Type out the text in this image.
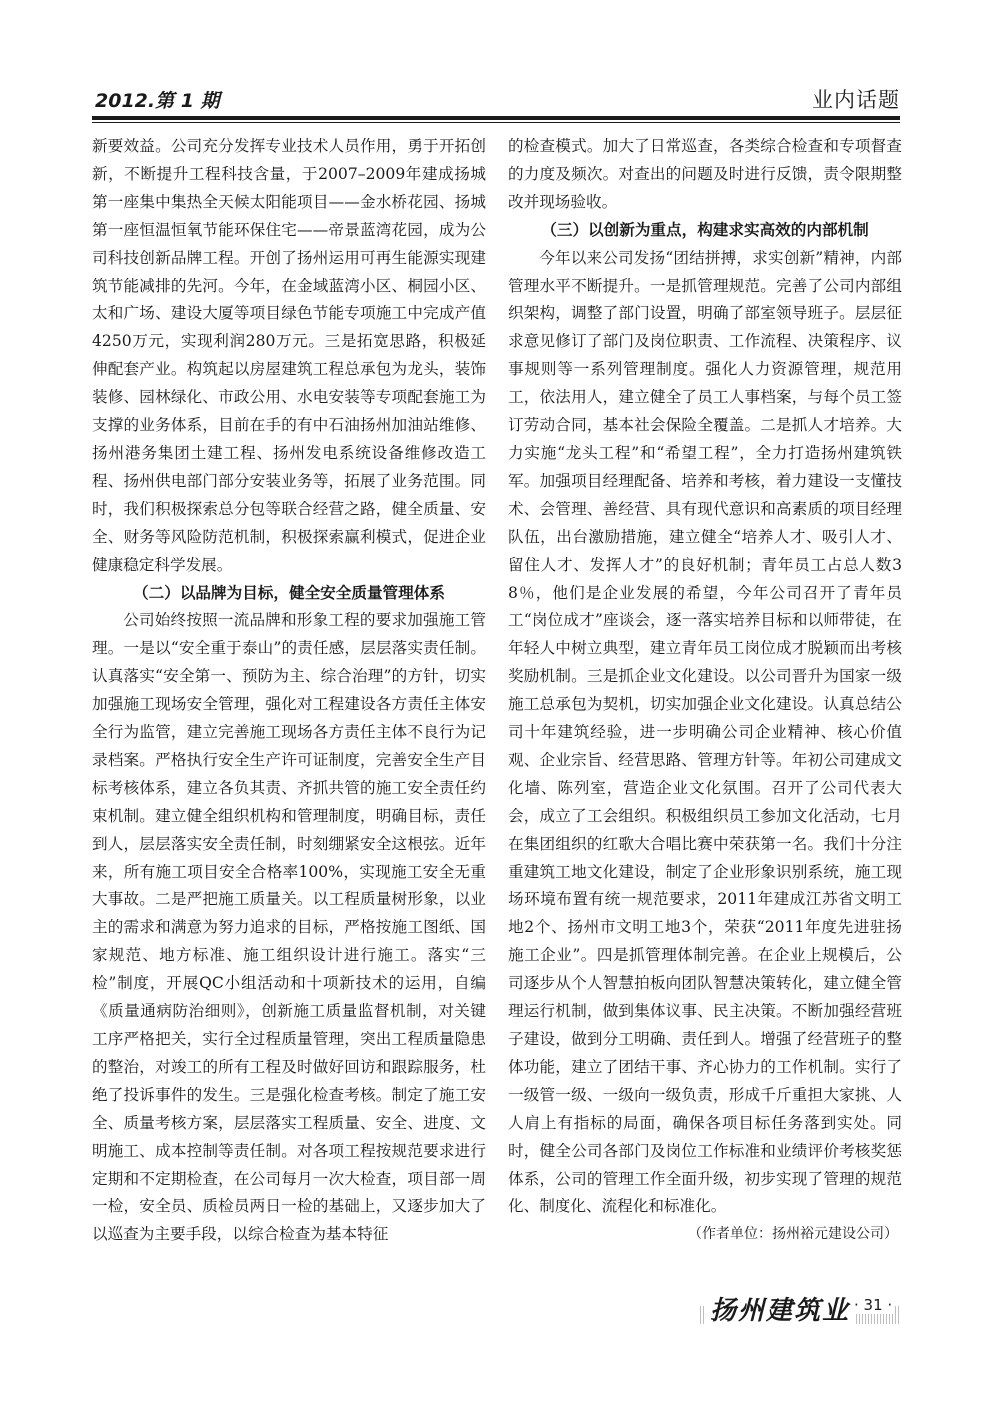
2012.第 1 期	业内话题

新要效益。公司充分发挥专业技术人员作用，勇于开拓创新，不断提升工程科技含量，于2007–2009年建成扬城第一座集中集热全天候太阳能项目——金水桥花园、扬城第一座恒温恒氧节能环保住宅——帝景蓝湾花园，成为公司科技创新品牌工程。开创了扬州运用可再生能源实现建筑节能减排的先河。今年，在金域蓝湾小区、桐园小区、太和广场、建设大厦等项目绿色节能专项施工中完成产值4250万元，实现利润280万元。三是拓宽思路，积极延伸配套产业。构筑起以房屋建筑工程总承包为龙头，装饰装修、园林绿化、市政公用、水电安装等专项配套施工为支撑的业务体系，目前在手的有中石油扬州加油站维修、扬州港务集团土建工程、扬州发电系统设备维修改造工程、扬州供电部门部分安装业务等，拓展了业务范围。同时，我们积极探索总分包等联合经营之路，健全质量、安全、财务等风险防范机制，积极探索赢利模式，促进企业健康稳定科学发展。

（二）以品牌为目标，健全安全质量管理体系

公司始终按照一流品牌和形象工程的要求加强施工管理。一是以“安全重于泰山”的责任感，层层落实责任制。认真落实“安全第一、预防为主、综合治理”的方针，切实加强施工现场安全管理，强化对工程建设各方责任主体安全行为监管，建立完善施工现场各方责任主体不良行为记录档案。严格执行安全生产许可证制度，完善安全生产目标考核体系，建立各负其责、齐抓共管的施工安全责任约束机制。建立健全组织机构和管理制度，明确目标，责任到人，层层落实安全责任制，时刻绷紧安全这根弦。近年来，所有施工项目安全合格率100%，实现施工安全无重大事故。二是严把施工质量关。以工程质量树形象，以业主的需求和满意为努力追求的目标，严格按施工图纸、国家规范、地方标准、施工组织设计进行施工。落实“三检”制度，开展QC小组活动和十项新技术的运用，自编《质量通病防治细则》，创新施工质量监督机制，对关键工序严格把关，实行全过程质量管理，突出工程质量隐患的整治，对竣工的所有工程及时做好回访和跟踪服务，杜绝了投诉事件的发生。三是强化检查考核。制定了施工安全、质量考核方案，层层落实工程质量、安全、进度、文明施工、成本控制等责任制。对各项工程按规范要求进行定期和不定期检查，在公司每月一次大检查，项目部一周一检，安全员、质检员两日一检的基础上，又逐步加大了以巡查为主要手段，以综合检查为基本特征

的检查模式。加大了日常巡查，各类综合检查和专项督查的力度及频次。对查出的问题及时进行反馈，责令限期整改并现场验收。

（三）以创新为重点，构建求实高效的内部机制

今年以来公司发扬“团结拼搏，求实创新”精神，内部管理水平不断提升。一是抓管理规范。完善了公司内部组织架构，调整了部门设置，明确了部室领导班子。层层征求意见修订了部门及岗位职责、工作流程、决策程序、议事规则等一系列管理制度。强化人力资源管理，规范用工，依法用人，建立健全了员工人事档案，与每个员工签订劳动合同，基本社会保险全覆盖。二是抓人才培养。大力实施“龙头工程”和“希望工程”，全力打造扬州建筑铁军。加强项目经理配备、培养和考核，着力建设一支懂技术、会管理、善经营、具有现代意识和高素质的项目经理队伍，出台激励措施，建立健全“培养人才、吸引人才、留住人才、发挥人才”的良好机制；青年员工占总人数38％，他们是企业发展的希望，今年公司召开了青年员工“岗位成才”座谈会，逐一落实培养目标和以师带徒，在年轻人中树立典型，建立青年员工岗位成才脱颖而出考核奖励机制。三是抓企业文化建设。以公司晋升为国家一级施工总承包为契机，切实加强企业文化建设。认真总结公司十年建筑经验，进一步明确公司企业精神、核心价值观、企业宗旨、经营思路、管理方针等。年初公司建成文化墙、陈列室，营造企业文化氛围。召开了公司代表大会，成立了工会组织。积极组织员工参加文化活动，七月在集团组织的红歌大合唱比赛中荣获第一名。我们十分注重建筑工地文化建设，制定了企业形象识别系统，施工现场环境布置有统一规范要求，2011年建成江苏省文明工地2个、扬州市文明工地3个，荣获“2011年度先进驻扬施工企业”。四是抓管理体制完善。在企业上规模后，公司逐步从个人智慧拍板向团队智慧决策转化，建立健全管理运行机制，做到集体议事、民主决策。不断加强经营班子建设，做到分工明确、责任到人。增强了经营班子的整体功能，建立了团结干事、齐心协力的工作机制。实行了一级管一级、一级向一级负责，形成千斤重担大家挑、人人肩上有指标的局面，确保各项目标任务落到实处。同时，健全公司各部门及岗位工作标准和业绩评价考核奖惩体系，公司的管理工作全面升级，初步实现了管理的规范化、制度化、流程化和标准化。

（作者单位：扬州裕元建设公司）
扬州建筑业 · 31 ·
